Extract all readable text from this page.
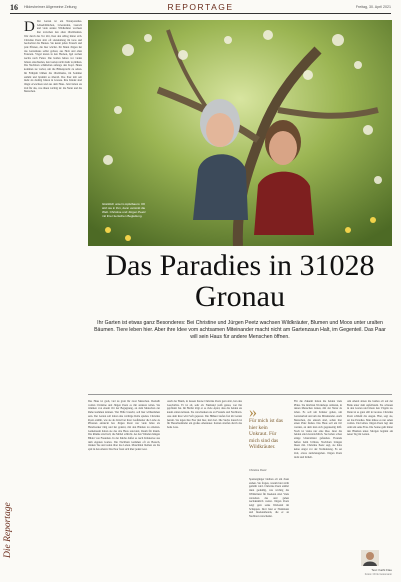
16 Hildesheimer Allgemeine Zeitung	REPORTAGE	Freitag, 30. April 2021
D Der Garten ist ein Naturparadies. Gänseblümchen, Löwenzahn, Giersch und viele andere Wildkräuter wachsen hier zwischen den alten Obstbäumen. Wer durch das Tor tritt, lässt den Alltag hinter sich. Christine Peetz sitzt oft stundenlang im Gras und beobachtet die Bienen. Sie kennt jeden Strauch und jede Pflanze, die hier wächst. Ihr Mann Jürgen hat das Gartenhaus selbst gebaut, aus Holz und alten Fenstern. Vögel nisten in den Hecken, Igel suchen nachts nach Futter. Die beiden haben vor vielen Jahren entschieden, den Garten nicht mehr zu mähen. Die Nachbarn schüttelten anfangs den Kopf. Heute kommen sie vorbei, um die Blütenpracht zu sehen. Im Frühjahr blühen die Obstbäume, im Sommer summt und brummt es überall. Das Paar lebt seit mehr als dreißig Jahren in Gronau. Ihre Kinder sind längst erwachsen und aus dem Haus. Jetzt haben sie Zeit für das, was ihnen wichtig ist: die Natur und die Menschen.
Die Reportage
Glücklich unterm Apfelbaum: Oft sitzt sie in ihm, dann versinkt die Welt. Christine und Jürgen Peetz mit ihrer tierischen Begleitung.
Das Paradies in 31028 Gronau
Ihr Garten ist etwas ganz Besonderes: Bei Christine und Jürgen Peetz wachsen Wildkräuter, Blumen und Moos unter uralten Bäumen. Tiere leben hier. Aber ihre Idee vom achtsamen Miteinander macht nicht am Gartenzaun Halt, im Gegenteil. Das Paar will sein Haus für andere Menschen öffnen.
Das Haus ist groß, viel zu groß für zwei Menschen. Deshalb wollen Christine und Jürgen Peetz es mit anderen teilen. Sie träumen von einem Ort der Begegnung, an dem Menschen zur Ruhe kommen können. Wer Hilfe braucht, soll hier willkommen sein. Der Garten soll dabei eine wichtige Rolle spielen. Christine Peetz erzählt, wie sie als Kind bei ihrer Großmutter die Liebe zu Pflanzen entdeckt hat. Jürgen Peetz war viele Jahre als Handwerker tätig und hat gelernt, mit den Händen zu arbeiten. Gemeinsam haben sie das alte Haus renoviert, Raum für Raum. Die Räume sind hell, die Möbel schlicht. An den Wänden hängen Bilder von Freunden. In der Küche duftet es nach Kräutertee aus dem eigenen Garten. Die Nachbarn kommen oft zu Besuch, trinken Tee und reden über das Leben. Manchmal bleiben sie bis spät in den Abend. Das Paar freut sich über jeden Gast.
Auch der Baum, in dessen Krone Christine Peetz gern sitzt, hat eine Geschichte. Er ist alt, sehr alt. Niemand weiß genau, wer ihn gepflanzt hat. Im Herbst trägt er so viele Äpfel, dass die beiden sie kaum ernten können. Sie verschenken sie an Freunde und Nachbarn. Aus dem Rest wird Saft gepresst. Die Hühner laufen frei im Garten herum. Sie legen ihre Eier mal hier, mal dort. Die Suche danach ist für Besucherkinder ein großes Abenteuer. Katzen streifen durch das hohe Gras.
»
Für mich ist das hier kein Unkraut. Für mich sind das Wildkräuter.
Christine Peetz
Spaziergänger bleiben oft am Zaun stehen. Sie fragen, warum hier nicht gemäht wird. Christine Peetz erklärt dann geduldig, wie wichtig die Wildkräuter für Insekten sind. Viele verstehen das und gehen nachdenklich weiter. Jürgen Peetz zeigt gern seine Werkstatt im Schuppen. Dort baut er Nistkästen und Insektenhotels, die er an Nachbarn verschenkt.
Für die Zukunft haben die beiden viele Pläne. Sie möchten Workshops anbieten, in denen Menschen lernen, mit der Natur zu leben. Es soll um Kräuter gehen, um Gartenarbeit und um das Miteinander. Auch Menschen, die einsam sind, sollen hier einen Platz finden. Das Haus soll ein Ort werden, an dem man sich gegenseitig hilft. Noch ist vieles nur eine Idee. Aber die beiden sind zuversichtlich. Sie haben schon einige Unterstützer gefunden. Freunde helfen beim Umbau, Nachbarn bringen Ideen mit. Christine Peetz sagt, sie habe keine Angst vor der Veränderung. Es sei Zeit, etwas zurückzugeben. Jürgen Peetz nickt und lächelt.
Am Abend sitzen die beiden oft auf der Bank unter dem Apfelbaum. Sie schauen in den Garten und hören den Vögeln zu. Dann ist es ganz still in Gronau. Christine Peetz schließt die Augen. Hier, sagt sie, sei das Paradies. Man müsse es nur sehen wollen. Und teilen. Jürgen Peetz legt den Arm um seine Frau. Die Sonne geht hinter den Bäumen unter. Morgen beginnt ein neuer Tag im Garten.
Text: Kathi Flau
Fotos: Chris Gossmann
